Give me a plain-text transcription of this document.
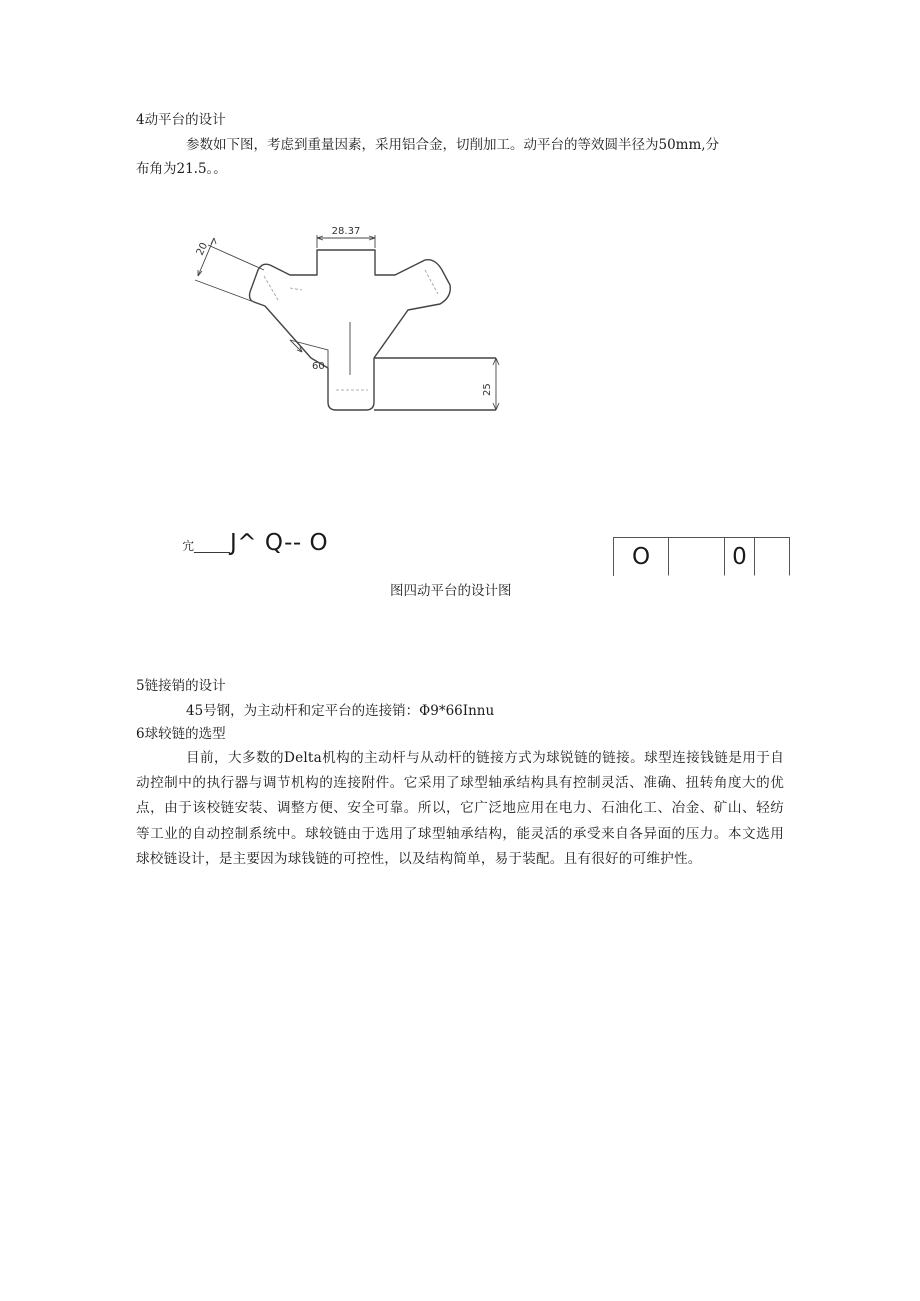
4动平台的设计
参数如下图，考虑到重量因素，采用铝合金，切削加工。动平台的等效圆半径为50mm,分
布角为21.5。。
28.37
20
60
25
宂______J^ Q-- O
O	0
图四动平台的设计图
5链接销的设计
45号钢，为主动杆和定平台的连接销：Φ9*66Innu
6球较链的选型
目前，大多数的Delta机构的主动杆与从动杆的链接方式为球锐链的链接。球型连接钱链是用于自动控制中的执行器与调节机构的连接附件。它采用了球型轴承结构具有控制灵活、准确、扭转角度大的优点，由于该校链安装、调整方便、安全可靠。所以，它广泛地应用在电力、石油化工、冶金、矿山、轻纺等工业的自动控制系统中。球较链由于选用了球型轴承结构，能灵活的承受来自各异面的压力。本文选用球校链设计，是主要因为球钱链的可控性，以及结构简单，易于装配。且有很好的可维护性。
